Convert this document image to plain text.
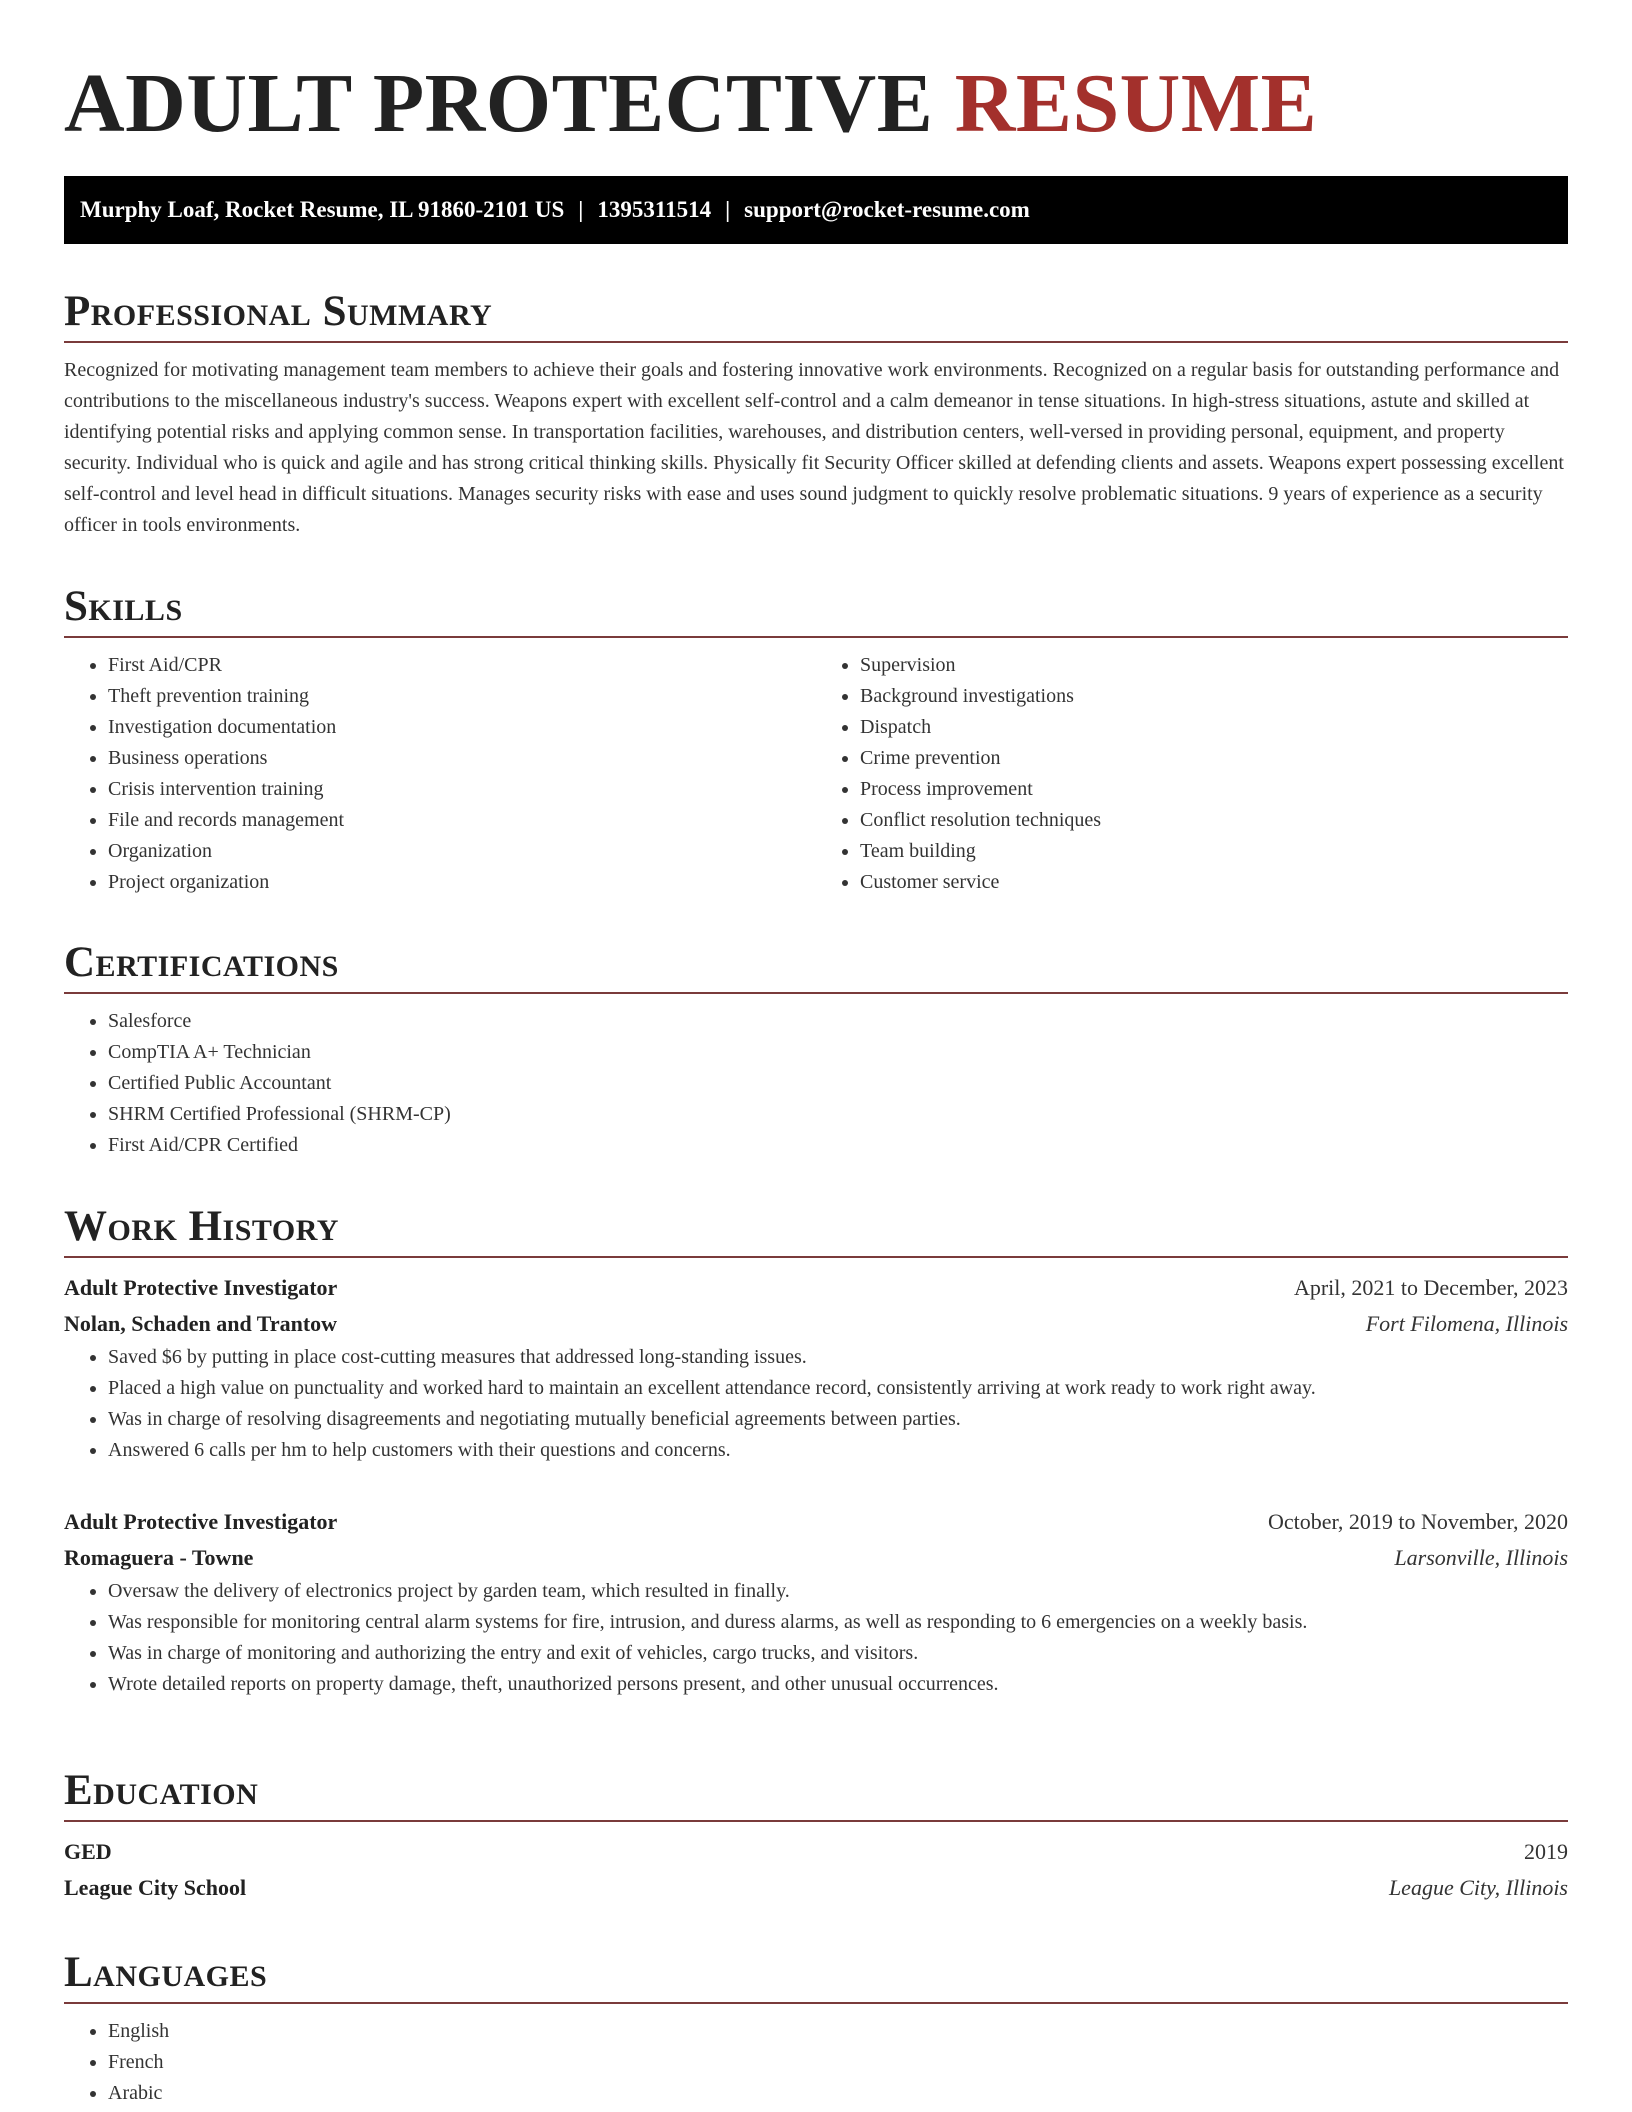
ADULT PROTECTIVE RESUME
Murphy Loaf, Rocket Resume, IL 91860-2101 US | 1395311514 | support@rocket-resume.com
Professional Summary

Recognized for motivating management team members to achieve their goals and fostering innovative work environments. Recognized on a regular basis for outstanding performance and contributions to the miscellaneous industry's success. Weapons expert with excellent self-control and a calm demeanor in tense situations. In high-stress situations, astute and skilled at identifying potential risks and applying common sense. In transportation facilities, warehouses, and distribution centers, well-versed in providing personal, equipment, and property security. Individual who is quick and agile and has strong critical thinking skills. Physically fit Security Officer skilled at defending clients and assets. Weapons expert possessing excellent self-control and level head in difficult situations. Manages security risks with ease and uses sound judgment to quickly resolve problematic situations. 9 years of experience as a security officer in tools environments.

Skills
• First Aid/CPR
• Theft prevention training
• Investigation documentation
• Business operations
• Crisis intervention training
• File and records management
• Organization
• Project organization
• Supervision
• Background investigations
• Dispatch
• Crime prevention
• Process improvement
• Conflict resolution techniques
• Team building
• Customer service
Certifications
• Salesforce
• CompTIA A+ Technician
• Certified Public Accountant
• SHRM Certified Professional (SHRM-CP)
• First Aid/CPR Certified
Work History
Adult Protective Investigator	April, 2021 to December, 2023
Nolan, Schaden and Trantow	Fort Filomena, Illinois
• Saved $6 by putting in place cost-cutting measures that addressed long-standing issues.
• Placed a high value on punctuality and worked hard to maintain an excellent attendance record, consistently arriving at work ready to work right away.
• Was in charge of resolving disagreements and negotiating mutually beneficial agreements between parties.
• Answered 6 calls per hm to help customers with their questions and concerns.
Adult Protective Investigator	October, 2019 to November, 2020
Romaguera - Towne	Larsonville, Illinois
• Oversaw the delivery of electronics project by garden team, which resulted in finally.
• Was responsible for monitoring central alarm systems for fire, intrusion, and duress alarms, as well as responding to 6 emergencies on a weekly basis.
• Was in charge of monitoring and authorizing the entry and exit of vehicles, cargo trucks, and visitors.
• Wrote detailed reports on property damage, theft, unauthorized persons present, and other unusual occurrences.
Education
GED	2019
League City School	League City, Illinois
Languages
• English
• French
• Arabic
